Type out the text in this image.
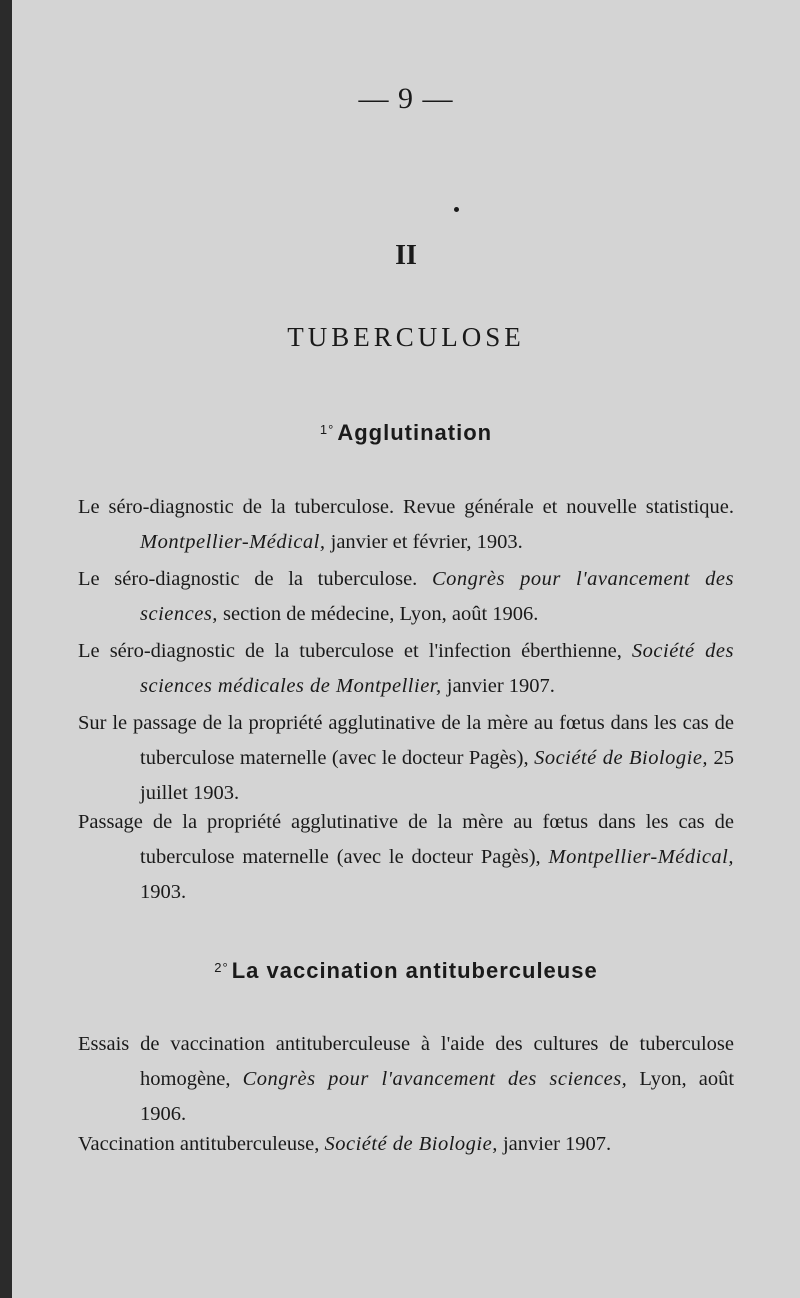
— 9 —
II
TUBERCULOSE
$^{1^\circ}$ Agglutination
Le séro-diagnostic de la tuberculose. Revue générale et nouvelle statistique. Montpellier-Médical, janvier et février, 1903.
Le séro-diagnostic de la tuberculose. Congrès pour l'avancement des sciences, section de médecine, Lyon, août 1906.
Le séro-diagnostic de la tuberculose et l'infection éberthienne, Société des sciences médicales de Montpellier, janvier 1907.
Sur le passage de la propriété agglutinative de la mère au fœtus dans les cas de tuberculose maternelle (avec le docteur Pagès), Société de Biologie, 25 juillet 1903.
Passage de la propriété agglutinative de la mère au fœtus dans les cas de tuberculose maternelle (avec le docteur Pagès), Montpellier-Médical, 1903.
$^{2^\circ}$ La vaccination antituberculeuse
Essais de vaccination antituberculeuse à l'aide des cultures de tuberculose homogène, Congrès pour l'avancement des sciences, Lyon, août 1906.
Vaccination antituberculeuse, Société de Biologie, janvier 1907.
